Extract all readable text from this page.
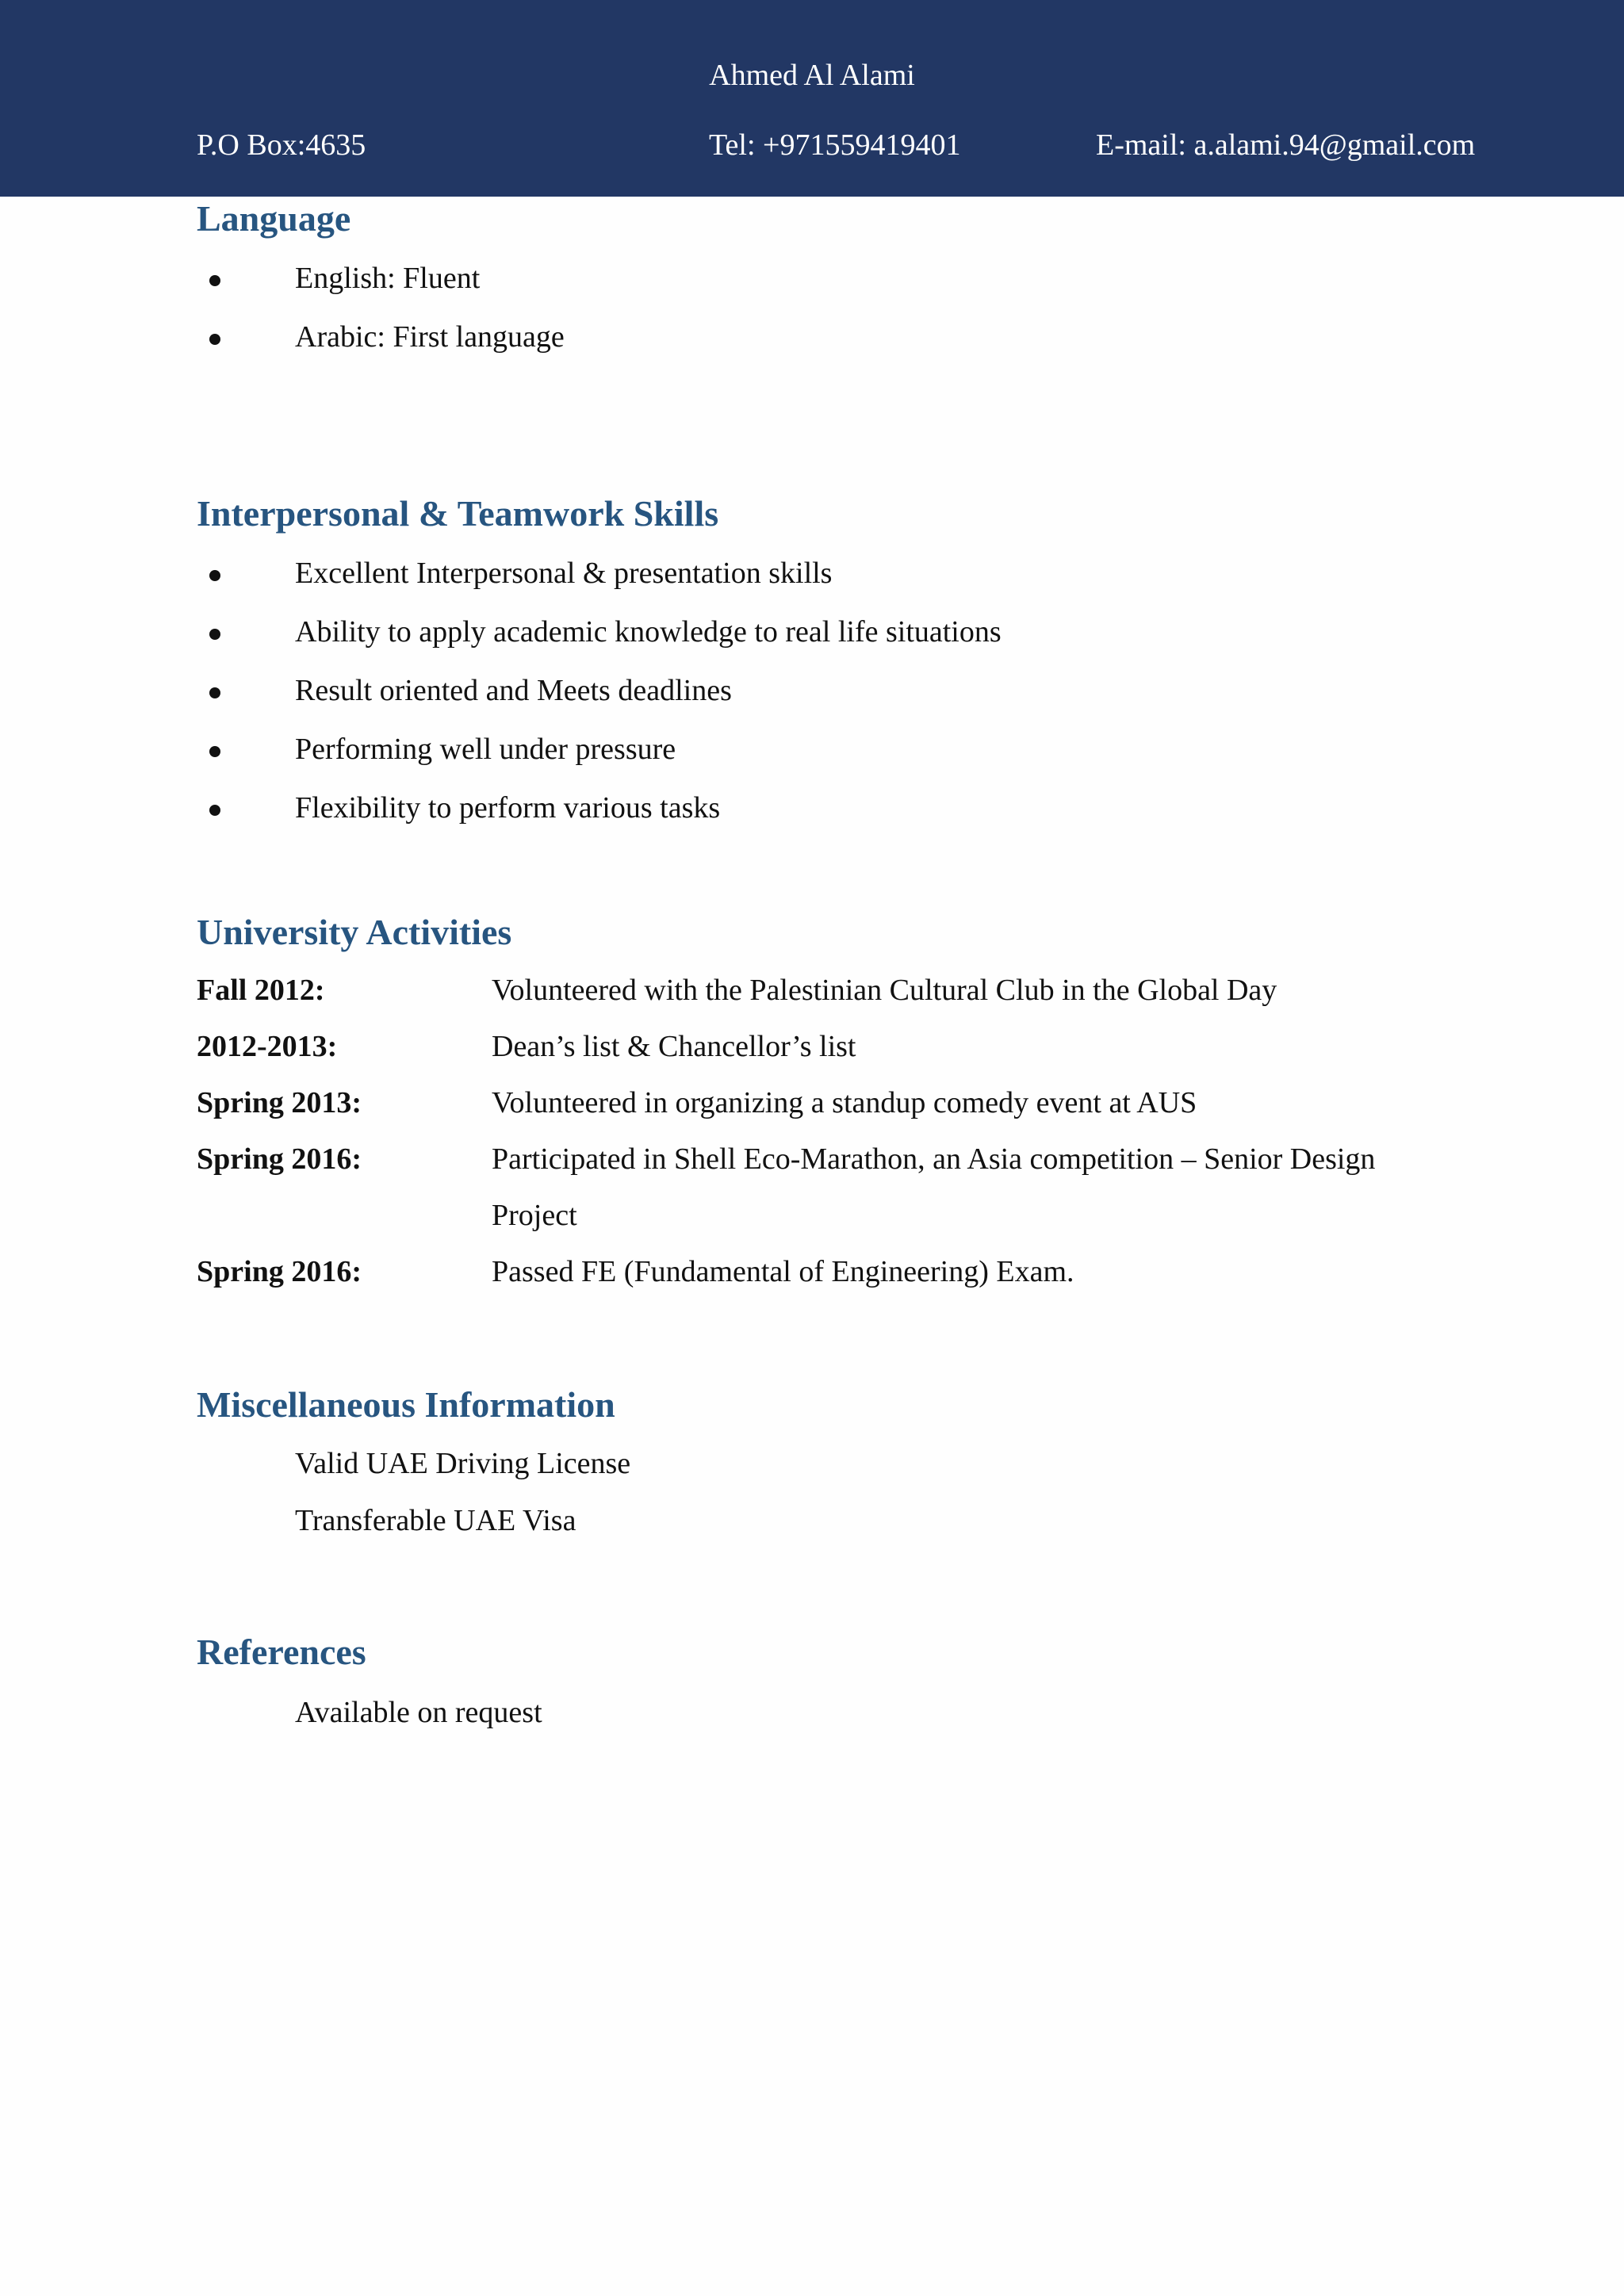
Ahmed Al Alami
P.O Box:4635	Tel: +971559419401	E-mail: a.alami.94@gmail.com
Language
English: Fluent
Arabic: First language
Interpersonal & Teamwork Skills
Excellent Interpersonal & presentation skills
Ability to apply academic knowledge to real life situations
Result oriented and Meets deadlines
Performing well under pressure
Flexibility to perform various tasks
University Activities
Fall 2012:	Volunteered with the Palestinian Cultural Club in the Global Day
2012-2013:	Dean’s list & Chancellor’s list
Spring 2013:	Volunteered in organizing a standup comedy event at AUS
Spring 2016:	Participated in Shell Eco-Marathon, an Asia competition – Senior Design Project
Spring 2016:	Passed FE (Fundamental of Engineering) Exam.
Miscellaneous Information
Valid UAE Driving License
Transferable UAE Visa
References
Available on request
